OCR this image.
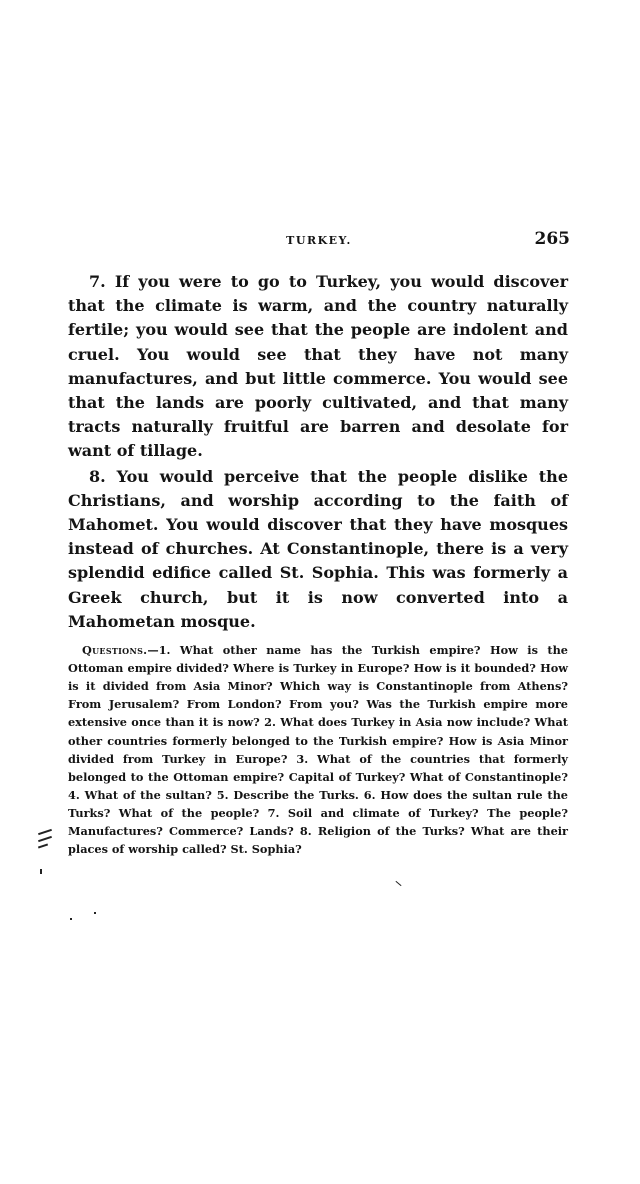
TURKEY.	265

7. If you were to go to Turkey, you would discover that the climate is warm, and the country naturally fertile; you would see that the people are indolent and cruel. You would see that they have not many manufactures, and but little commerce. You would see that the lands are poorly cultivated, and that many tracts naturally fruitful are barren and desolate for want of tillage.

8. You would perceive that the people dislike the Christians, and worship according to the faith of Mahomet. You would discover that they have mosques instead of churches. At Constantinople, there is a very splendid edifice called St. Sophia. This was formerly a Greek church, but it is now converted into a Mahometan mosque.

Questions.—1. What other name has the Turkish empire? How is the Ottoman empire divided? Where is Turkey in Europe? How is it bounded? How is it divided from Asia Minor? Which way is Constantinople from Athens? From Jerusalem? From London? From you? Was the Turkish empire more extensive once than it is now? 2. What does Turkey in Asia now include? What other countries formerly belonged to the Turkish empire? How is Asia Minor divided from Turkey in Europe? 3. What of the countries that formerly belonged to the Ottoman empire? Capital of Turkey? What of Constantinople? 4. What of the sultan? 5. Describe the Turks. 6. How does the sultan rule the Turks? What of the people? 7. Soil and climate of Turkey? The people? Manufactures? Commerce? Lands? 8. Religion of the Turks? What are their places of worship called? St. Sophia?
